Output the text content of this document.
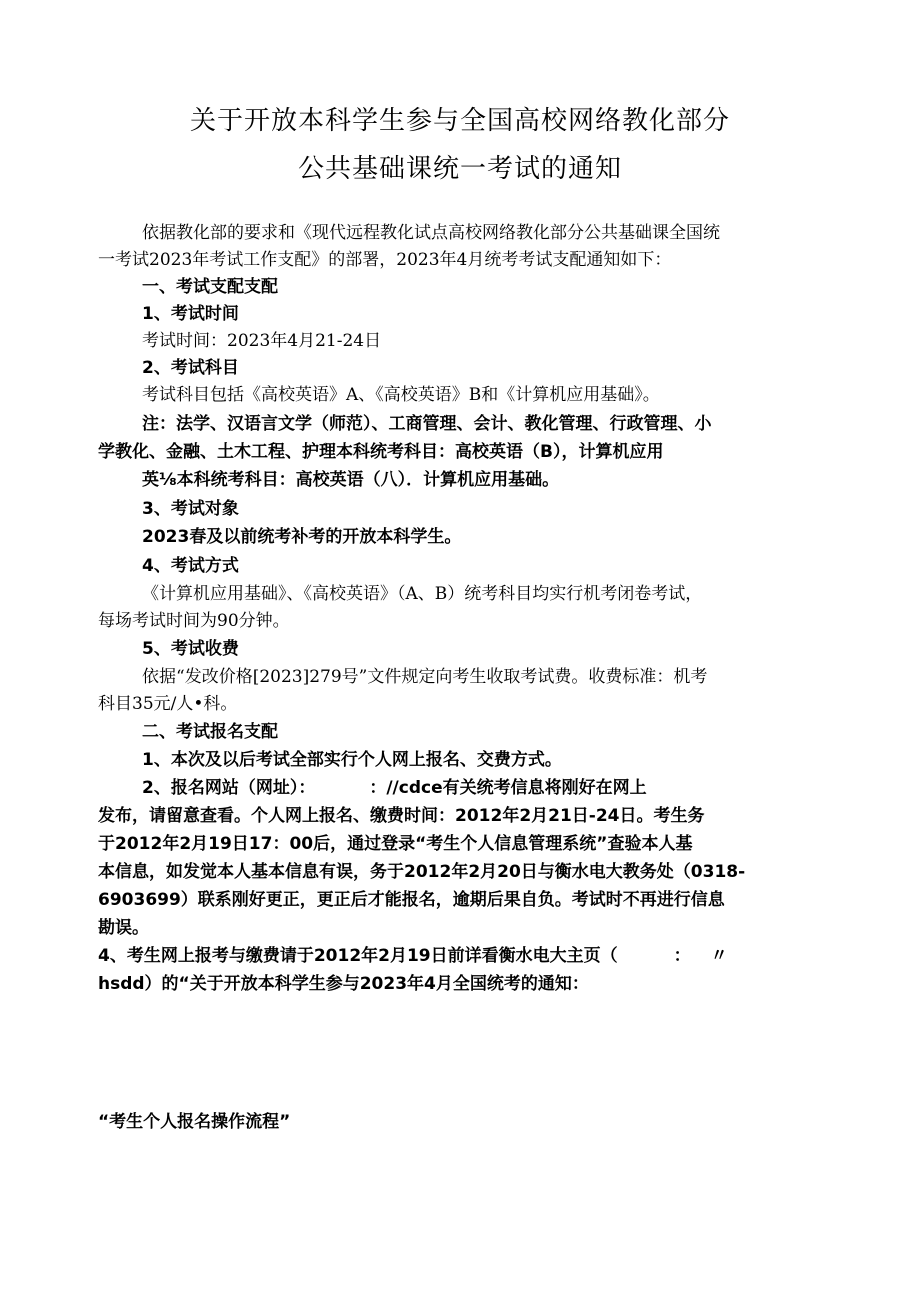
关于开放本科学生参与全国高校网络教化部分
公共基础课统一考试的通知
依据教化部的要求和《现代远程教化试点高校网络教化部分公共基础课全国统
一考试2023年考试工作支配》的部署，2023年4月统考考试支配通知如下：
一、考试支配支配
1、考试时间
考试时间：2023年4月21-24日
2、考试科目
考试科目包括《高校英语》A、《高校英语》B和《计算机应用基础》。
注：法学、汉语言文学（师范）、工商管理、会计、教化管理、行政管理、小
学教化、金融、土木工程、护理本科统考科目：高校英语（B），计算机应用
英⅛本科统考科目：高校英语（八）．计算机应用基础。
3、考试对象
2023春及以前统考补考的开放本科学生。
4、考试方式
《计算机应用基础》、《高校英语》（A、B）统考科目均实行机考闭卷考试，
每场考试时间为90分钟。
5、考试收费
依据“发改价格[2023]279号”文件规定向考生收取考试费。收费标准：机考
科目35元/人•科。
二、考试报名支配
1、本次及以后考试全部实行个人网上报名、交费方式。
2、报名网站（网址）：	：//cdce有关统考信息将刚好在网上
发布，请留意查看。个人网上报名、缴费时间：2012年2月21日-24日。考生务
于2012年2月19日17：00后，通过登录“考生个人信息管理系统”查验本人基
本信息，如发觉本人基本信息有误，务于2012年2月20日与衡水电大教务处（0318-
6903699）联系刚好更正，更正后才能报名，逾期后果自负。考试时不再进行信息
勘误。
4、考生网上报考与缴费请于2012年2月19日前详看衡水电大主页（	： 〃
hsdd）的“关于开放本科学生参与2023年4月全国统考的通知：
“考生个人报名操作流程”
